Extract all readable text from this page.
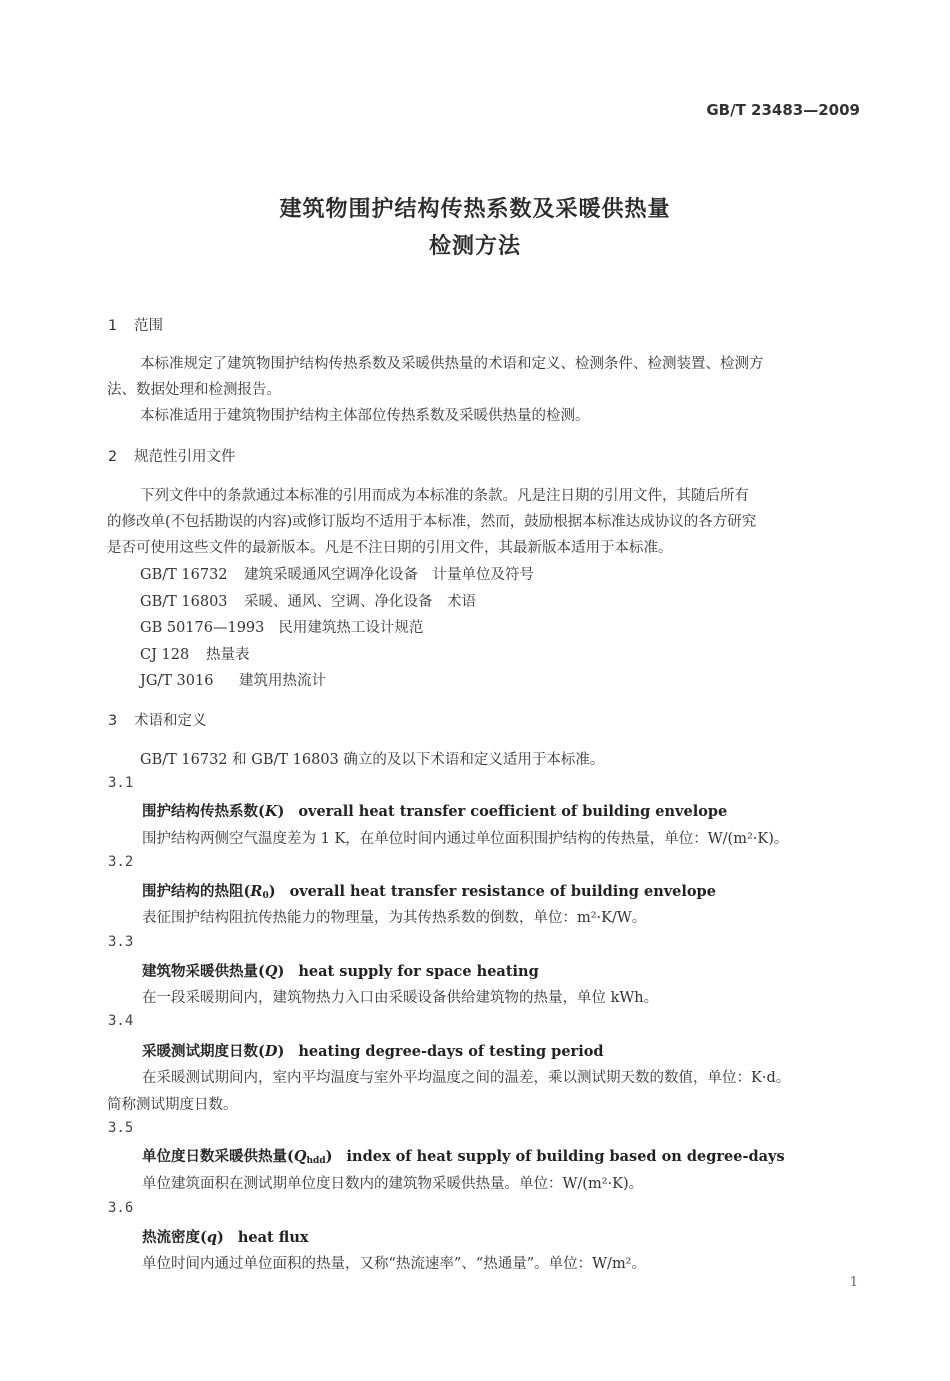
GB/T 23483—2009
建筑物围护结构传热系数及采暖供热量
检测方法
1 范围
本标准规定了建筑物围护结构传热系数及采暖供热量的术语和定义、检测条件、检测装置、检测方
法、数据处理和检测报告。
本标准适用于建筑物围护结构主体部位传热系数及采暖供热量的检测。
2 规范性引用文件
下列文件中的条款通过本标准的引用而成为本标准的条款。凡是注日期的引用文件，其随后所有
的修改单(不包括勘误的内容)或修订版均不适用于本标准，然而，鼓励根据本标准达成协议的各方研究
是否可使用这些文件的最新版本。凡是不注日期的引用文件，其最新版本适用于本标准。
GB/T 16732 建筑采暖通风空调净化设备　计量单位及符号
GB/T 16803 采暖、通风、空调、净化设备　术语
GB 50176—1993 民用建筑热工设计规范
CJ 128 热量表
JG/T 3016 建筑用热流计
3 术语和定义
GB/T 16732 和 GB/T 16803 确立的及以下术语和定义适用于本标准。
3.1
围护结构传热系数(K) overall heat transfer coefficient of building envelope
围护结构两侧空气温度差为 1 K，在单位时间内通过单位面积围护结构的传热量，单位：W/(m²·K)。
3.2
围护结构的热阻$(R_0)$ overall heat transfer resistance of building envelope
表征围护结构阻抗传热能力的物理量，为其传热系数的倒数，单位：m²·K/W。
3.3
建筑物采暖供热量(Q) heat supply for space heating
在一段采暖期间内，建筑物热力入口由采暖设备供给建筑物的热量，单位 kWh。
3.4
采暖测试期度日数(D) heating degree-days of testing period
在采暖测试期间内，室内平均温度与室外平均温度之间的温差，乘以测试期天数的数值，单位：K·d。
简称测试期度日数。
3.5
单位度日数采暖供热量$(Q_{hdd})$ index of heat supply of building based on degree-days
单位建筑面积在测试期单位度日数内的建筑物采暖供热量。单位：W/(m²·K)。
3.6
热流密度(q) heat flux
单位时间内通过单位面积的热量，又称“热流速率”、“热通量”。单位：W/m²。
1
